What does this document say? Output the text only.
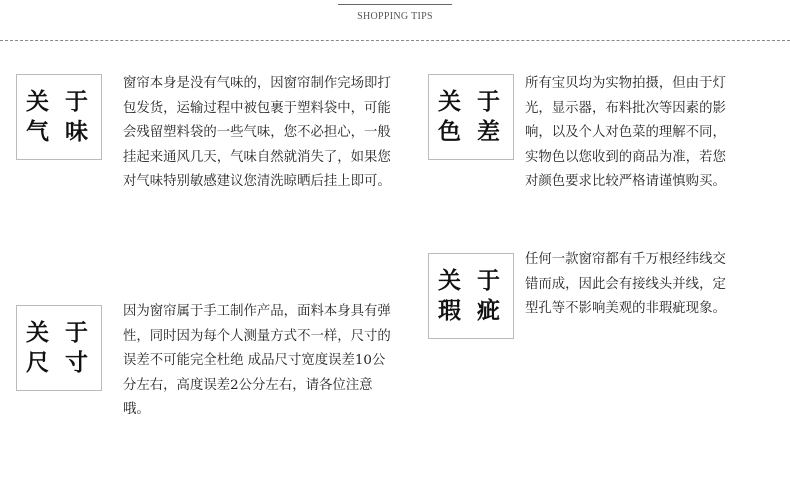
SHOPPING TIPS
关 于
气 味
窗帘本身是没有气味的，因窗帘制作完场即打包发货，运输过程中被包裹于塑料袋中，可能会残留塑料袋的一些气味，您不必担心，一般挂起来通风几天，气味自然就消失了，如果您对气味特别敏感建议您清洗晾晒后挂上即可。
关 于
尺 寸
因为窗帘属于手工制作产品，面料本身具有弹性，同时因为每个人测量方式不一样，尺寸的误差不可能完全杜绝 成品尺寸宽度误差10公分左右，高度误差2公分左右，请各位注意哦。
关 于
色 差
所有宝贝均为实物拍摄，但由于灯光，显示器，布料批次等因素的影响，以及个人对色菜的理解不同，实物色以您收到的商品为准，若您对颜色要求比较严格请谨慎购买。
关 于
瑕 疵
任何一款窗帘都有千万根经纬线交错而成，因此会有接线头并线，定型孔等不影响美观的非瑕疵现象。
